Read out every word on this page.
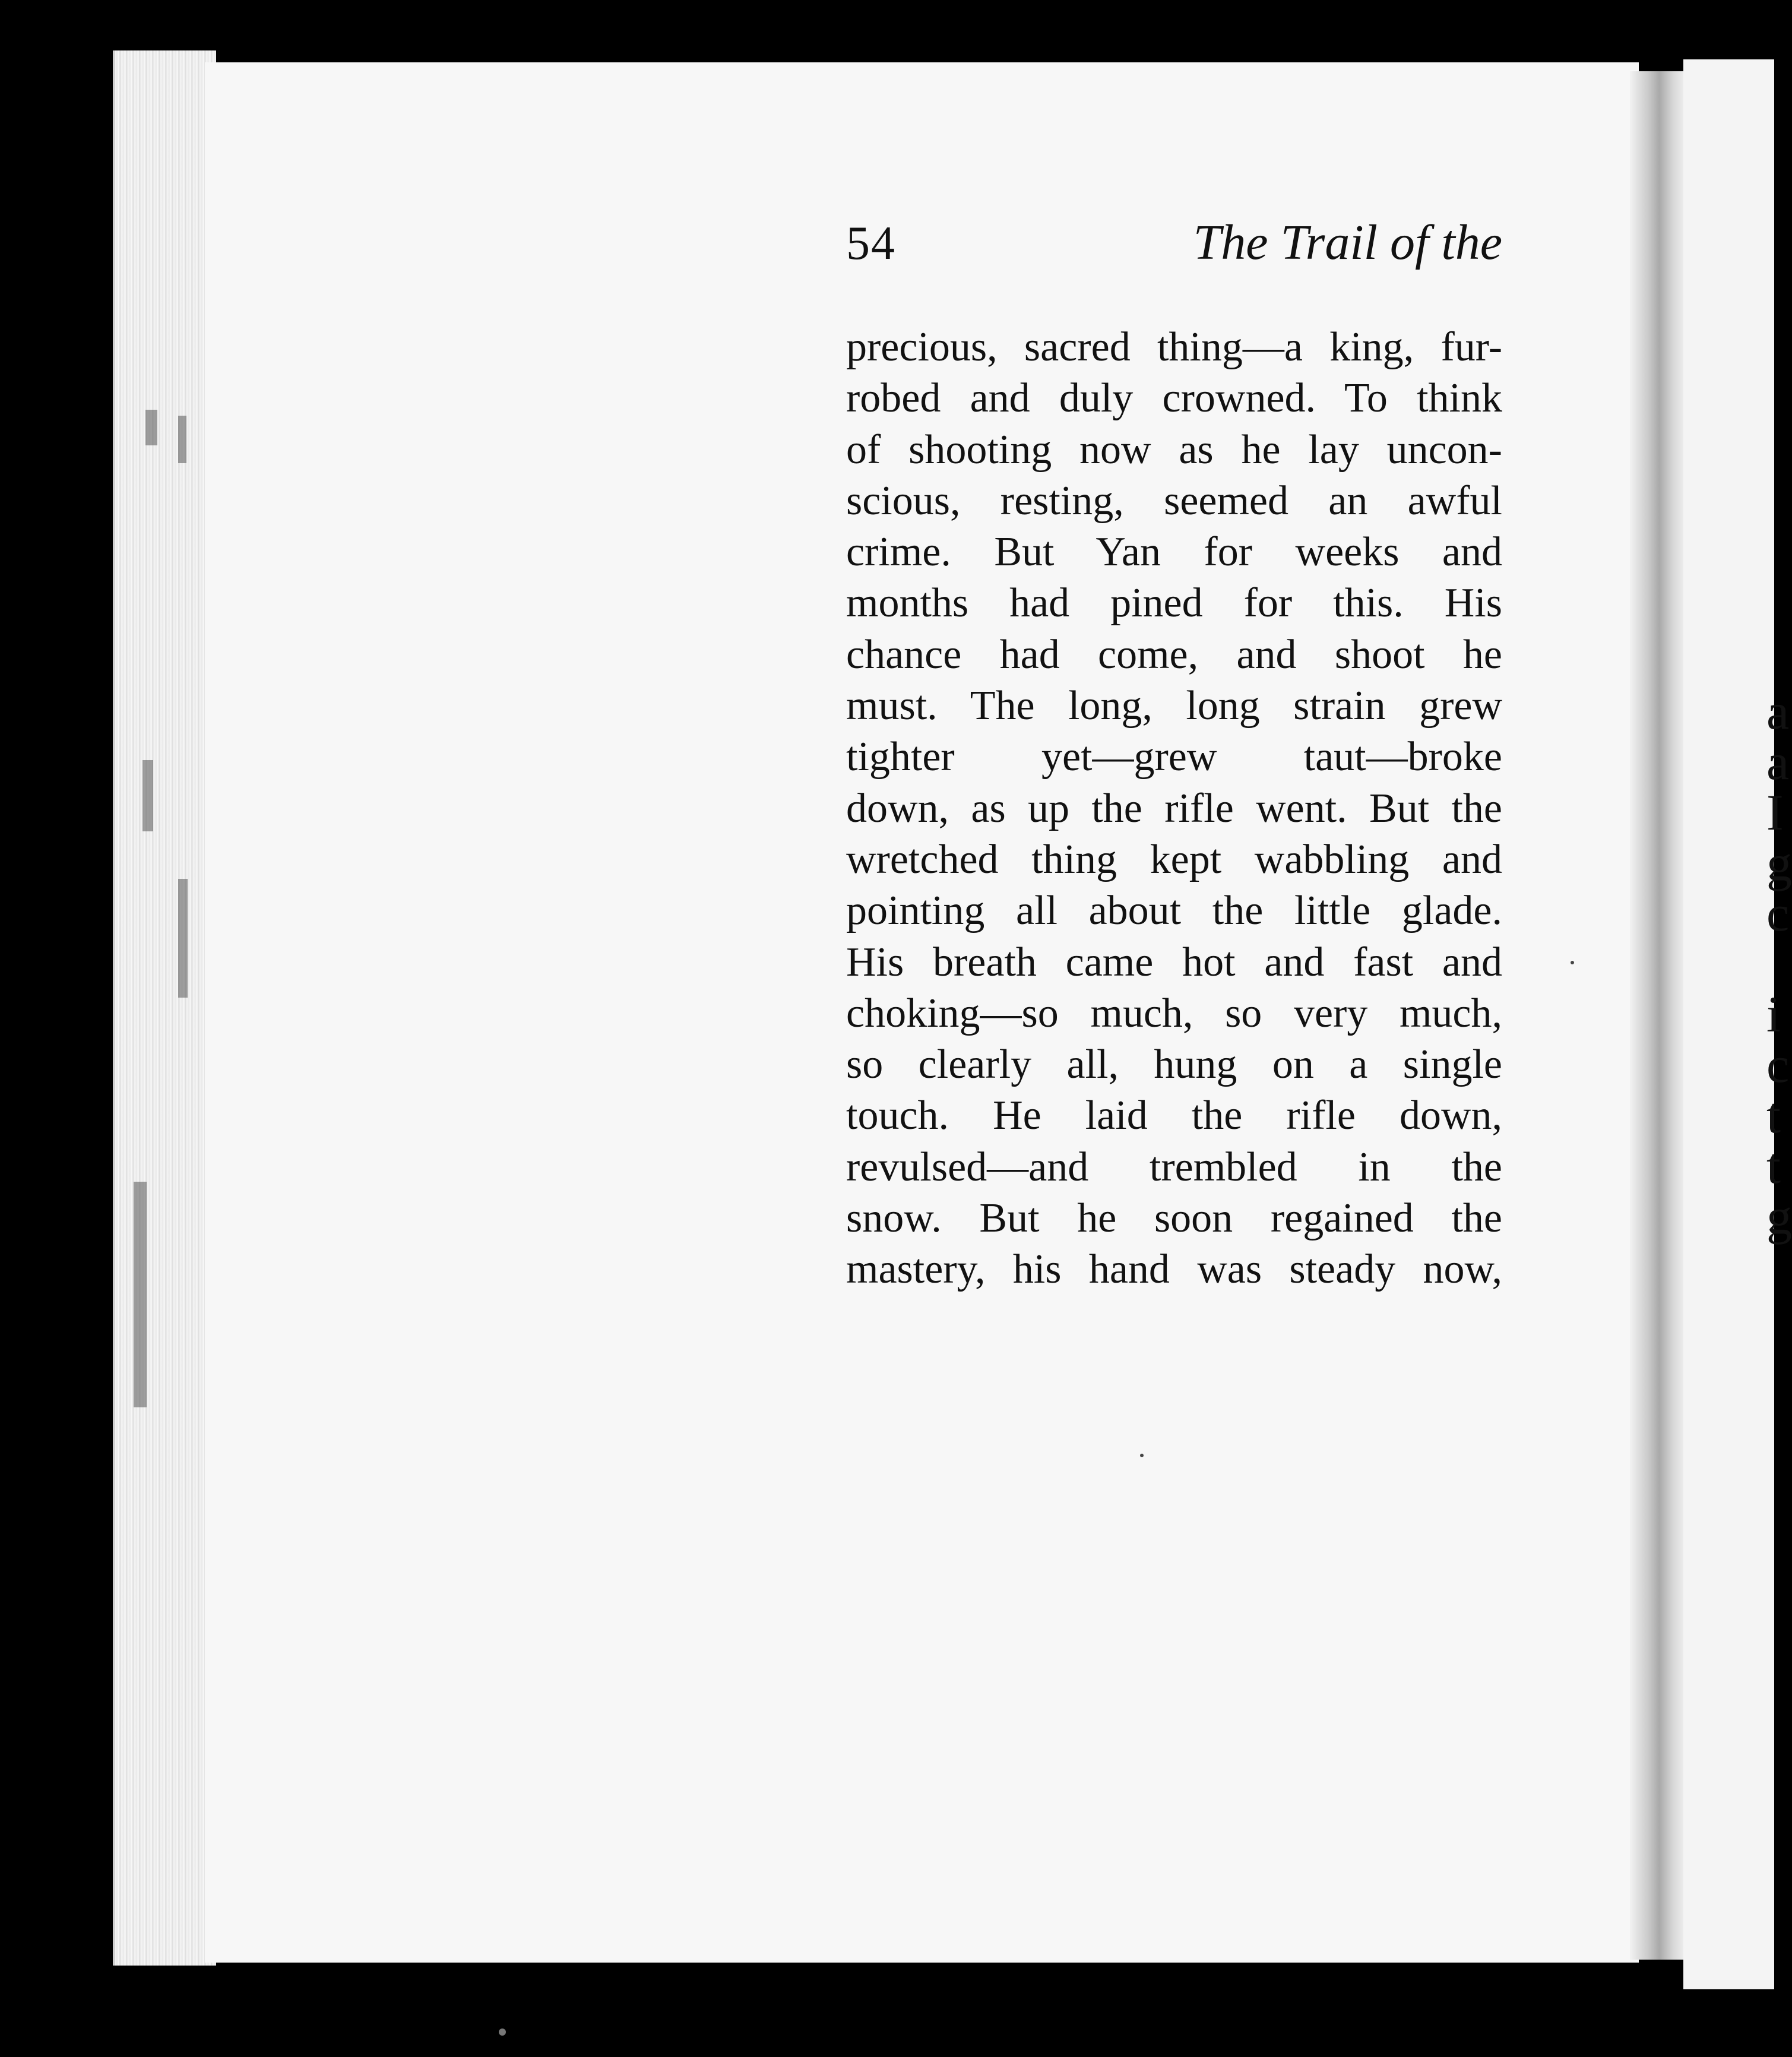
a
a
I
g
c
i
c
t
t
g
54	The Trail of the
precious, sacred thing—a king, fur-
robed and duly crowned. To think
of shooting now as he lay uncon-
scious, resting, seemed an awful
crime. But Yan for weeks and
months had pined for this. His
chance had come, and shoot he
must. The long, long strain grew
tighter yet—grew taut—broke
down, as up the rifle went. But the
wretched thing kept wabbling and
pointing all about the little glade.
His breath came hot and fast and
choking—so much, so very much,
so clearly all, hung on a single
touch. He laid the rifle down,
revulsed—and trembled in the
snow. But he soon regained the
mastery, his hand was steady now,
